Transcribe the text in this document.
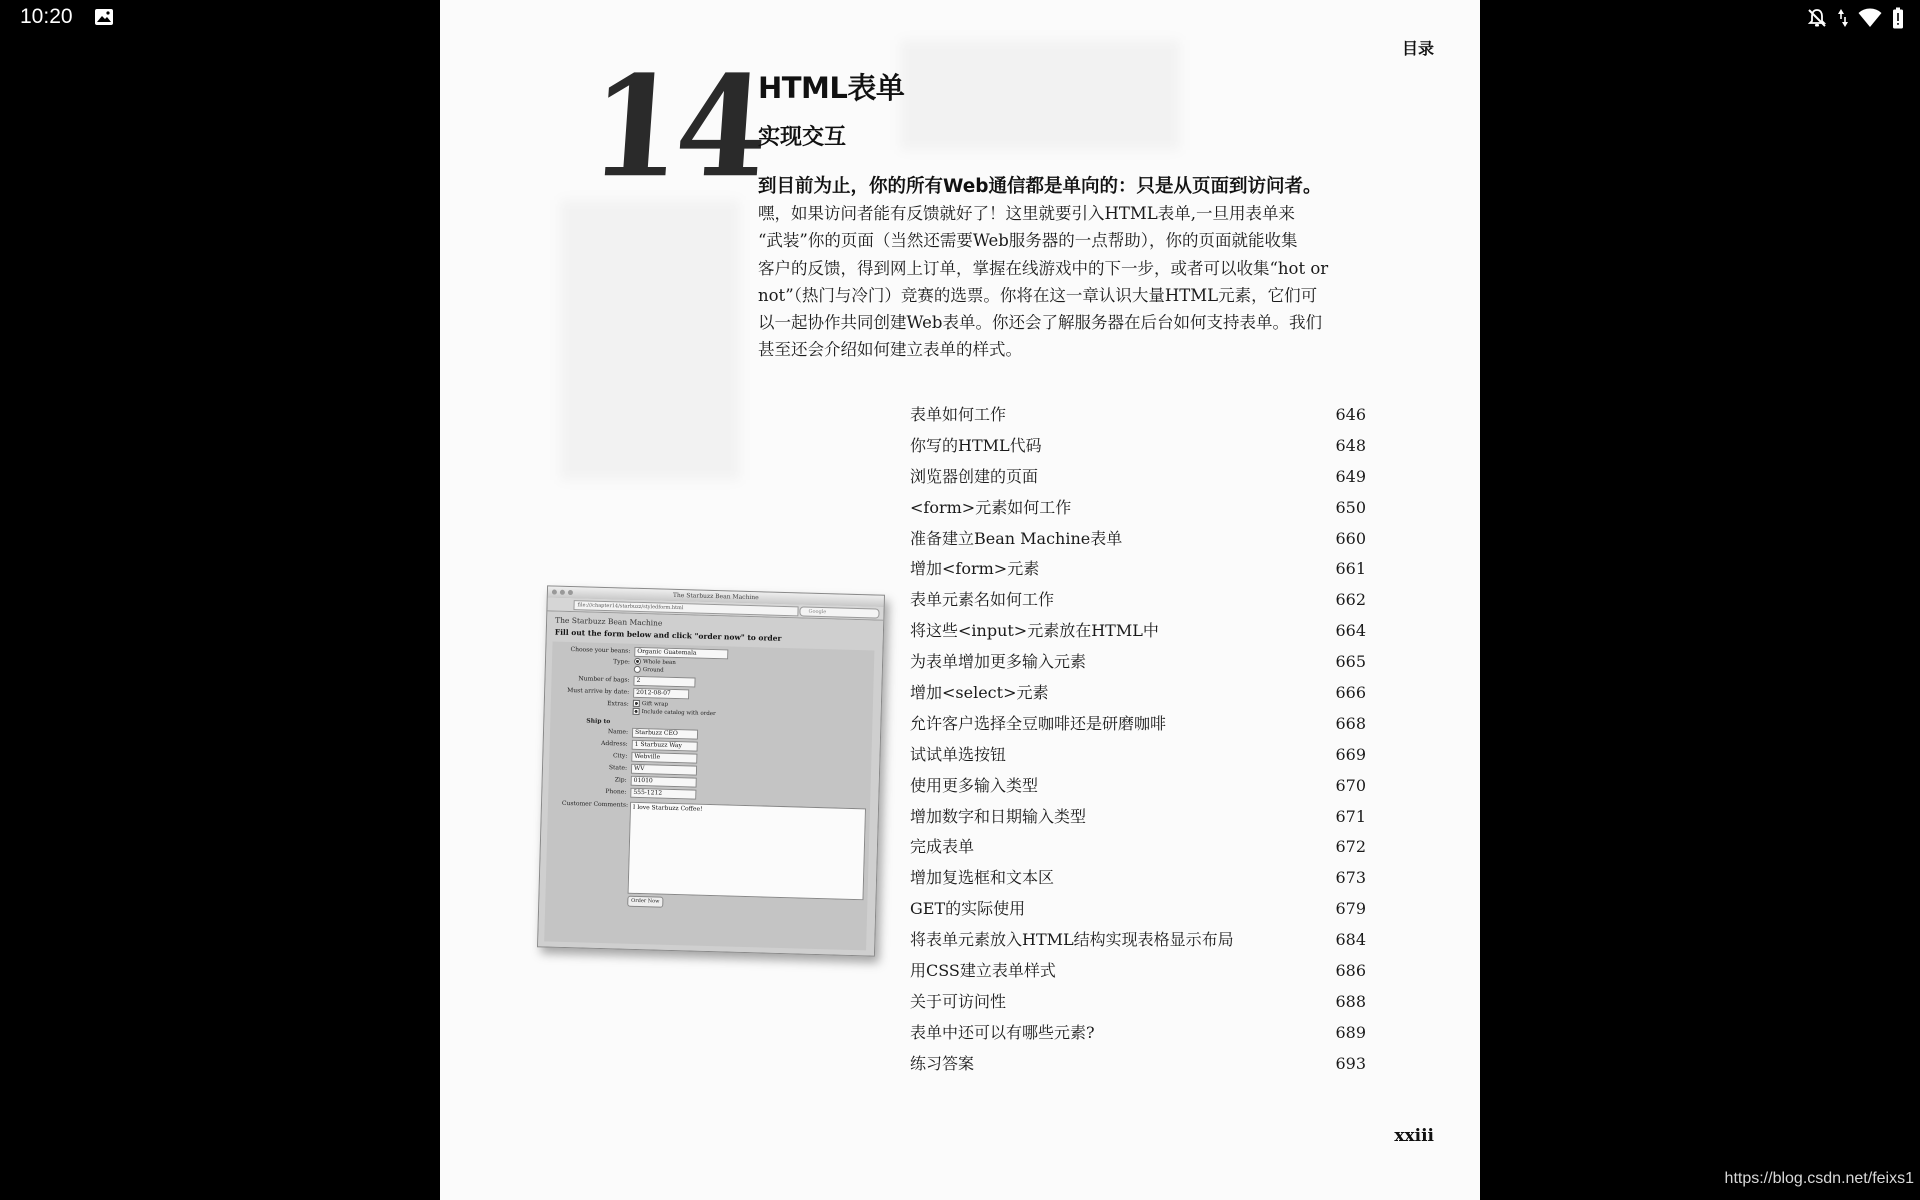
10:20
目录
14
HTML表单
实现交互
到目前为止，你的所有Web通信都是单向的：只是从页面到访问者。
嘿，如果访问者能有反馈就好了！这里就要引入HTML表单,一旦用表单来
“武装”你的页面（当然还需要Web服务器的一点帮助），你的页面就能收集
客户的反馈，得到网上订单，掌握在线游戏中的下一步，或者可以收集“hot or
not”（热门与冷门）竞赛的选票。你将在这一章认识大量HTML元素，它们可
以一起协作共同创建Web表单。你还会了解服务器在后台如何支持表单。我们
甚至还会介绍如何建立表单的样式。
The Starbuzz Bean Machine
file:///chapter14/starbuzz/styledform.html
Google
The Starbuzz Bean Machine
Fill out the form below and click "order now" to order
Choose your beans:	Organic Guatemala
Type:	Whole bean
Ground
Number of bags:	2
Must arrive by date:	2012-08-07
Extras:	Gift wrap
Include catalog with order
Ship to
Name:	Starbuzz CEO
Address:	1 Starbuzz Way
City:	Webville
State:	WV
Zip:	01010
Phone:	555-1212
Customer Comments: I love Starbuzz Coffee!
Order Now
表单如何工作	646
你写的HTML代码	648
浏览器创建的页面	649
<form>元素如何工作	650
准备建立Bean Machine表单	660
增加<form>元素	661
表单元素名如何工作	662
将这些<input>元素放在HTML中	664
为表单增加更多输入元素	665
增加<select>元素	666
允许客户选择全豆咖啡还是研磨咖啡	668
试试单选按钮	669
使用更多输入类型	670
增加数字和日期输入类型	671
完成表单	672
增加复选框和文本区	673
GET的实际使用	679
将表单元素放入HTML结构实现表格显示布局	684
用CSS建立表单样式	686
关于可访问性	688
表单中还可以有哪些元素?	689
练习答案	693
xxiii
https://blog.csdn.net/feixs1
